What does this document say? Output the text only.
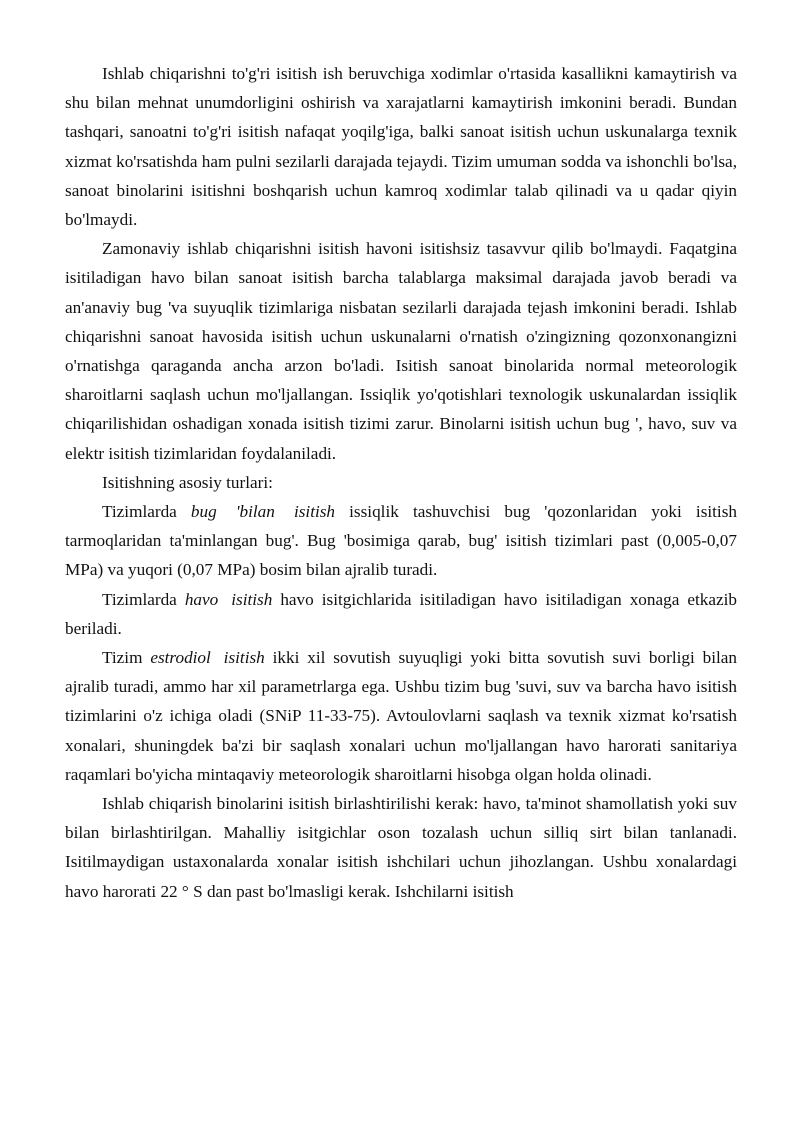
Ishlab chiqarishni to'g'ri isitish ish beruvchiga xodimlar o'rtasida kasallikni kamaytirish va shu bilan mehnat unumdorligini oshirish va xarajatlarni kamaytirish imkonini beradi. Bundan tashqari, sanoatni to'g'ri isitish nafaqat yoqilg'iga, balki sanoat isitish uchun uskunalarga texnik xizmat ko'rsatishda ham pulni sezilarli darajada tejaydi. Tizim umuman sodda va ishonchli bo'lsa, sanoat binolarini isitishni boshqarish uchun kamroq xodimlar talab qilinadi va u qadar qiyin bo'lmaydi.

Zamonaviy ishlab chiqarishni isitish havoni isitishsiz tasavvur qilib bo'lmaydi. Faqatgina isitiladigan havo bilan sanoat isitish barcha talablarga maksimal darajada javob beradi va an'anaviy bug 'va suyuqlik tizimlariga nisbatan sezilarli darajada tejash imkonini beradi. Ishlab chiqarishni sanoat havosida isitish uchun uskunalarni o'rnatish o'zingizning qozonxonangizni o'rnatishga qaraganda ancha arzon bo'ladi. Isitish sanoat binolarida normal meteorologik sharoitlarni saqlash uchun mo'ljallangan. Issiqlik yo'qotishlari texnologik uskunalardan issiqlik chiqarilishidan oshadigan xonada isitish tizimi zarur. Binolarni isitish uchun bug ', havo, suv va elektr isitish tizimlaridan foydalaniladi.

Isitishning asosiy turlari:

Tizimlarda bug 'bilan isitish issiqlik tashuvchisi bug 'qozonlaridan yoki isitish tarmoqlaridan ta'minlangan bug'. Bug 'bosimiga qarab, bug' isitish tizimlari past (0,005-0,07 MPa) va yuqori (0,07 MPa) bosim bilan ajralib turadi.

Tizimlarda havo isitish havo isitgichlarida isitiladigan havo isitiladigan xonaga etkazib beriladi.

Tizim estrodiol isitish ikki xil sovutish suyuqligi yoki bitta sovutish suvi borligi bilan ajralib turadi, ammo har xil parametrlarga ega. Ushbu tizim bug 'suvi, suv va barcha havo isitish tizimlarini o'z ichiga oladi (SNiP 11-33-75). Avtoulovlarni saqlash va texnik xizmat ko'rsatish xonalari, shuningdek ba'zi bir saqlash xonalari uchun mo'ljallangan havo harorati sanitariya raqamlari bo'yicha mintaqaviy meteorologik sharoitlarni hisobga olgan holda olinadi.

Ishlab chiqarish binolarini isitish birlashtirilishi kerak: havo, ta'minot shamollatish yoki suv bilan birlashtirilgan. Mahalliy isitgichlar oson tozalash uchun silliq sirt bilan tanlanadi. Isitilmaydigan ustaxonalarda xonalar isitish ishchilari uchun jihozlangan. Ushbu xonalardagi havo harorati 22 ° S dan past bo'lmasligi kerak. Ishchilarni isitish
